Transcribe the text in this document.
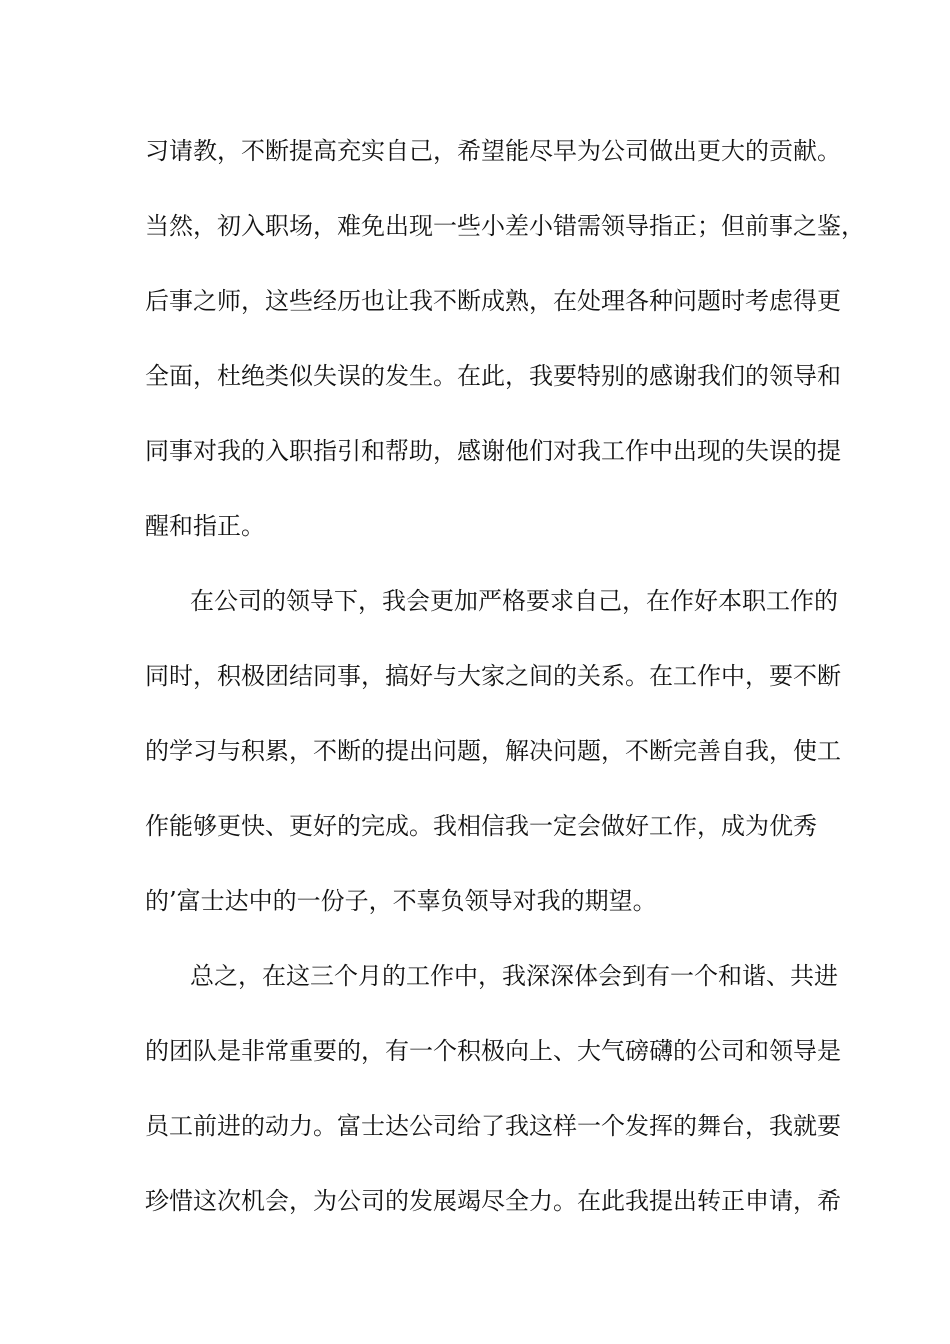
习请教，不断提高充实自己，希望能尽早为公司做出更大的贡献。
当然，初入职场，难免出现一些小差小错需领导指正；但前事之鉴，
后事之师，这些经历也让我不断成熟，在处理各种问题时考虑得更
全面，杜绝类似失误的发生。在此，我要特别的感谢我们的领导和
同事对我的入职指引和帮助，感谢他们对我工作中出现的失误的提
醒和指正。
在公司的领导下，我会更加严格要求自己，在作好本职工作的
同时，积极团结同事，搞好与大家之间的关系。在工作中，要不断
的学习与积累，不断的提出问题，解决问题，不断完善自我，使工
作能够更快、更好的完成。我相信我一定会做好工作，成为优秀
的’富士达中的一份子，不辜负领导对我的期望。
总之，在这三个月的工作中，我深深体会到有一个和谐、共进
的团队是非常重要的，有一个积极向上、大气磅礴的公司和领导是
员工前进的动力。富士达公司给了我这样一个发挥的舞台，我就要
珍惜这次机会，为公司的发展竭尽全力。在此我提出转正申请，希
